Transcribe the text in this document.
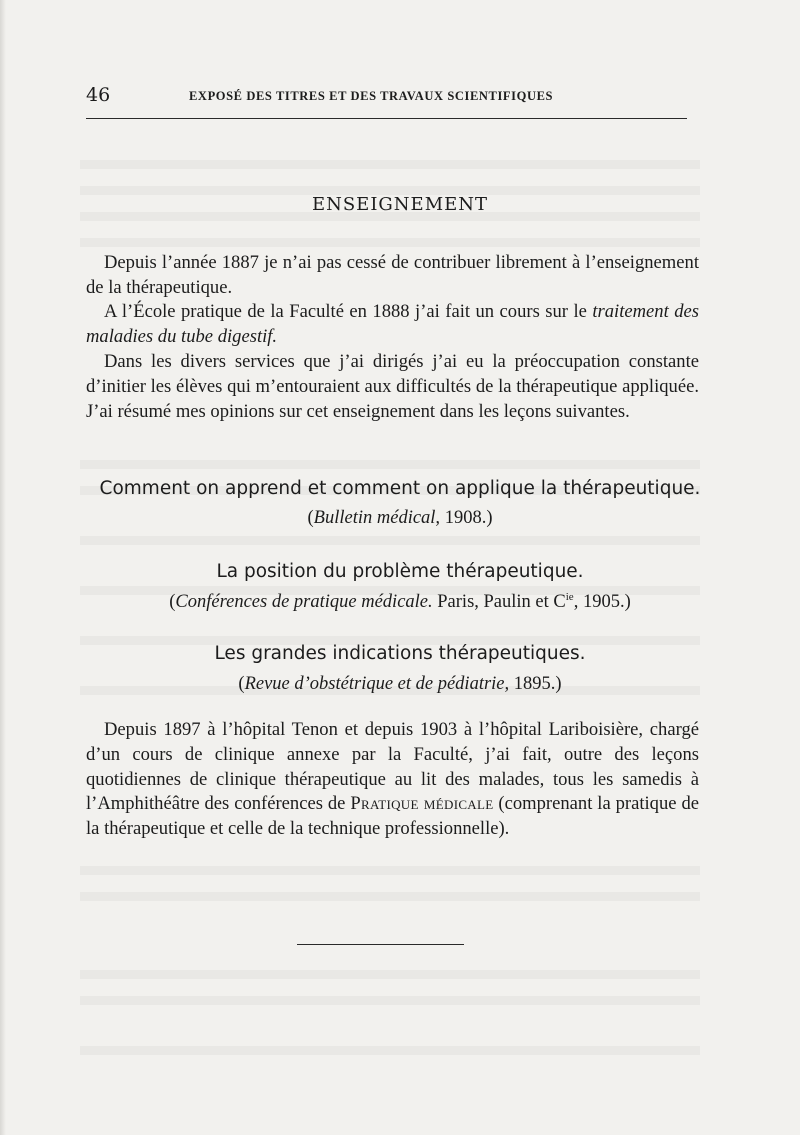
46	EXPOSÉ DES TITRES ET DES TRAVAUX SCIENTIFIQUES
ENSEIGNEMENT

Depuis l’année 1887 je n’ai pas cessé de contribuer librement à l’enseignement de la thérapeutique.

A l’École pratique de la Faculté en 1888 j’ai fait un cours sur le traitement des maladies du tube digestif.

Dans les divers services que j’ai dirigés j’ai eu la préoccupation constante d’initier les élèves qui m’entouraient aux difficultés de la thérapeutique appliquée. J’ai résumé mes opinions sur cet enseignement dans les leçons suivantes.

Comment on apprend et comment on applique la thérapeutique.

(Bulletin médical, 1908.)

La position du problème thérapeutique.

(Conférences de pratique médicale. Paris, Paulin et $C^{ie}$, 1905.)

Les grandes indications thérapeutiques.

(Revue d’obstétrique et de pédiatrie, 1895.)

Depuis 1897 à l’hôpital Tenon et depuis 1903 à l’hôpital Lariboisière, chargé d’un cours de clinique annexe par la Faculté, j’ai fait, outre des leçons quotidiennes de clinique thérapeutique au lit des malades, tous les samedis à l’Amphithéâtre des conférences de Pratique médicale (comprenant la pratique de la thérapeutique et celle de la technique professionnelle).
